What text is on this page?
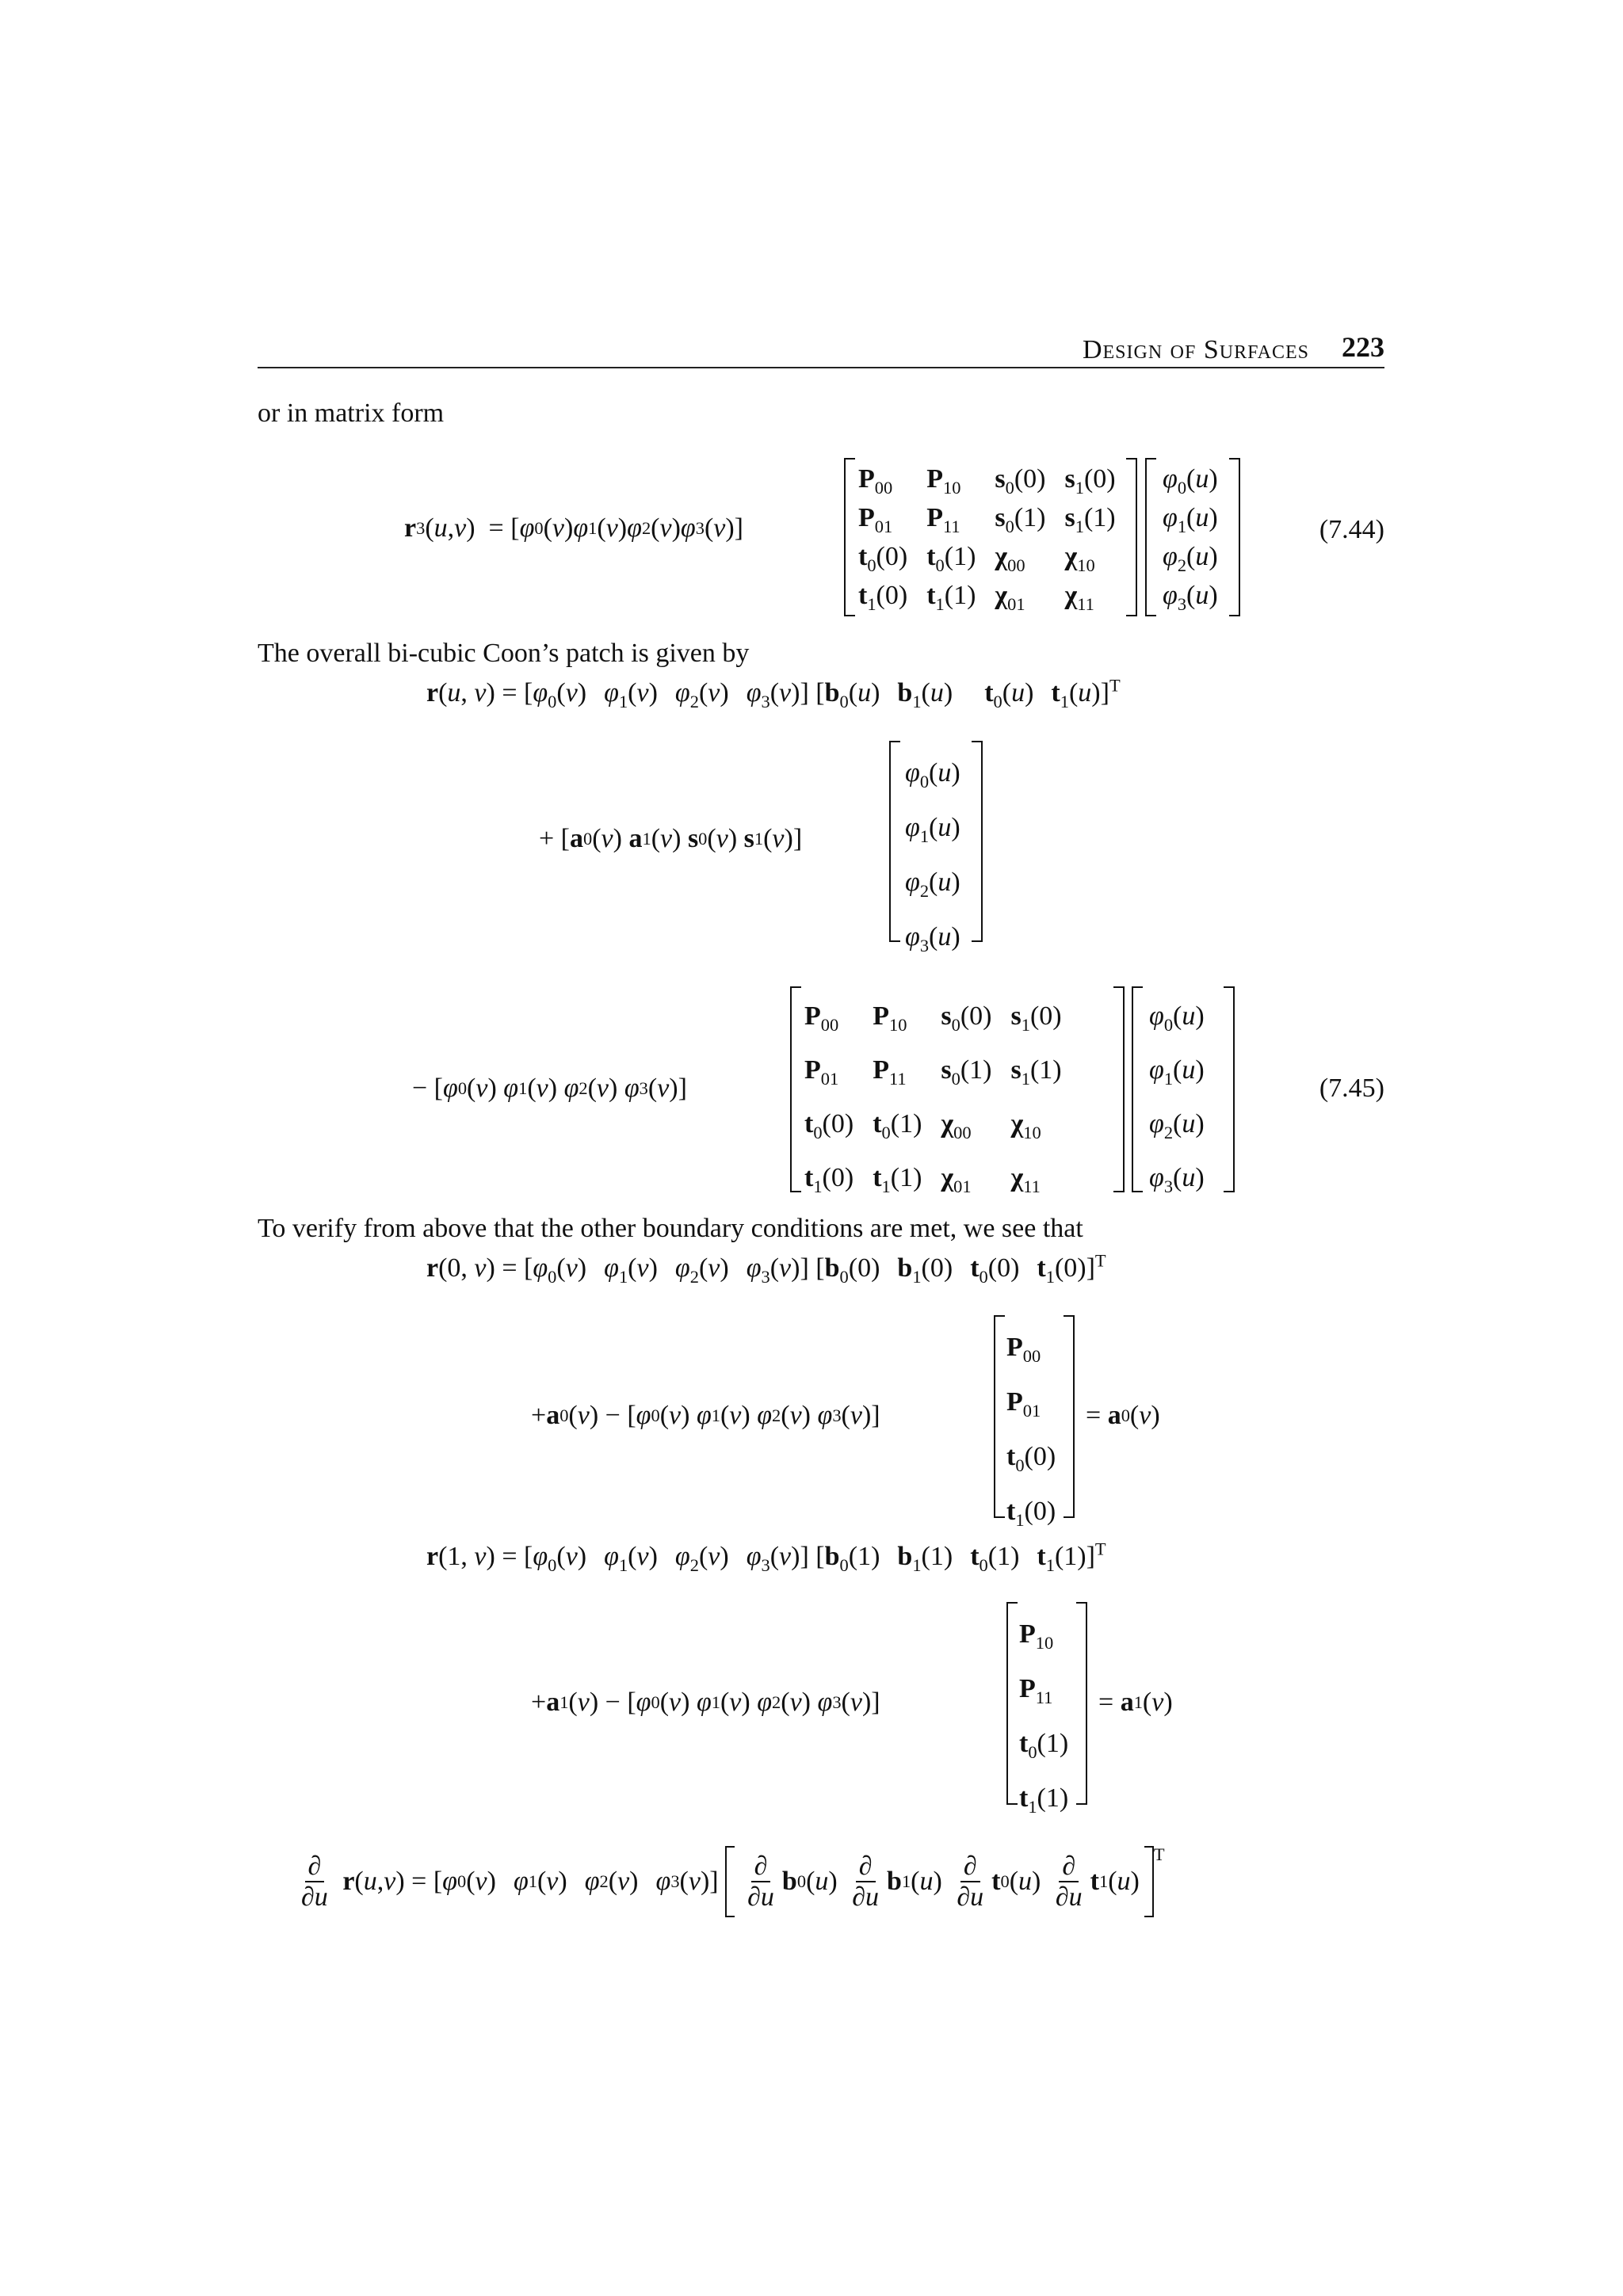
Design of Surfaces 223
or in matrix form
r 3 ( u , v )  = [ φ 0 ( v ) φ 1 ( v ) φ 2 ( v ) φ 3 ( v )]
$P_{00}$	$P_{10}$	$s_0(0)$	$s_1(0)$
$P_{01}$	$P_{11}$	$s_0(1)$	$s_1(1)$
$t_0(0)$	$t_0(1)$	$\chi_{00}$	$\chi_{10}$
$t_1(0)$	$t_1(1)$	$\chi_{01}$	$\chi_{11}$
$\varphi_0(u)$
$\varphi_1(u)$
$\varphi_2(u)$
$\varphi_3(u)$
(7.44)
The overall bi-cubic Coon’s patch is given by
r(u, $v) = [\varphi_0(v)$ $\varphi_1(v)$ $\varphi_2(v)$ $\varphi_3(v)$] [$b_0(u)$ $b_1(u)$ $t_0(u)$ $t_1(u)]^T$
+ [ a 0 ( v ) a 1 ( v ) s 0 ( v ) s 1 ( v )]
$\varphi_0(u)$
$\varphi_1(u)$
$\varphi_2(u)$
$\varphi_3(u)$
− [ φ 0 ( v ) φ 1 ( v ) φ 2 ( v ) φ 3 ( v )]
$P_{00}$	$P_{10}$	$s_0(0)$	$s_1(0)$
$P_{01}$	$P_{11}$	$s_0(1)$	$s_1(1)$
$t_0(0)$	$t_0(1)$	$\chi_{00}$	$\chi_{10}$
$t_1(0)$	$t_1(1)$	$\chi_{01}$	$\chi_{11}$
$\varphi_0(u)$
$\varphi_1(u)$
$\varphi_2(u)$
$\varphi_3(u)$
(7.45)
To verify from above that the other boundary conditions are met, we see that
r(0, $v) = [\varphi_0(v)$ $\varphi_1(v)$ $\varphi_2(v)$ $\varphi_3(v)$] [$b_0(0)$ $b_1(0)$ $t_0(0)$ $t_1(0)]^T$
+ a 0 ( v ) − [ φ 0 ( v ) φ 1 ( v ) φ 2 ( v ) φ 3 ( v )]
$P_{00}$
$P_{01}$
$t_0(0)$
$t_1(0)$
= a 0 ( v )
r(1, $v) = [\varphi_0(v)$ $\varphi_1(v)$ $\varphi_2(v)$ $\varphi_3(v)$] [$b_0(1)$ $b_1(1)$ $t_0(1)$ $t_1(1)]^T$
+ a 1 ( v ) − [ φ 0 ( v ) φ 1 ( v ) φ 2 ( v ) φ 3 ( v )]
$P_{10}$
$P_{11}$
$t_0(1)$
$t_1(1)$
= a 1 ( v )
$\frac{\partial}{\partial u}$
r ( u , v ) = [ φ 0 ( v ) φ 1 ( v ) φ 2 ( v ) φ 3 ( v )] $\frac{\partial}{\partial u}$ b 0 ( u ) $\frac{\partial}{\partial u}$ b 1 ( u ) $\frac{\partial}{\partial u}$ t 0 ( u ) $\frac{\partial}{\partial u}$ t 1 ( u )
$^T$
